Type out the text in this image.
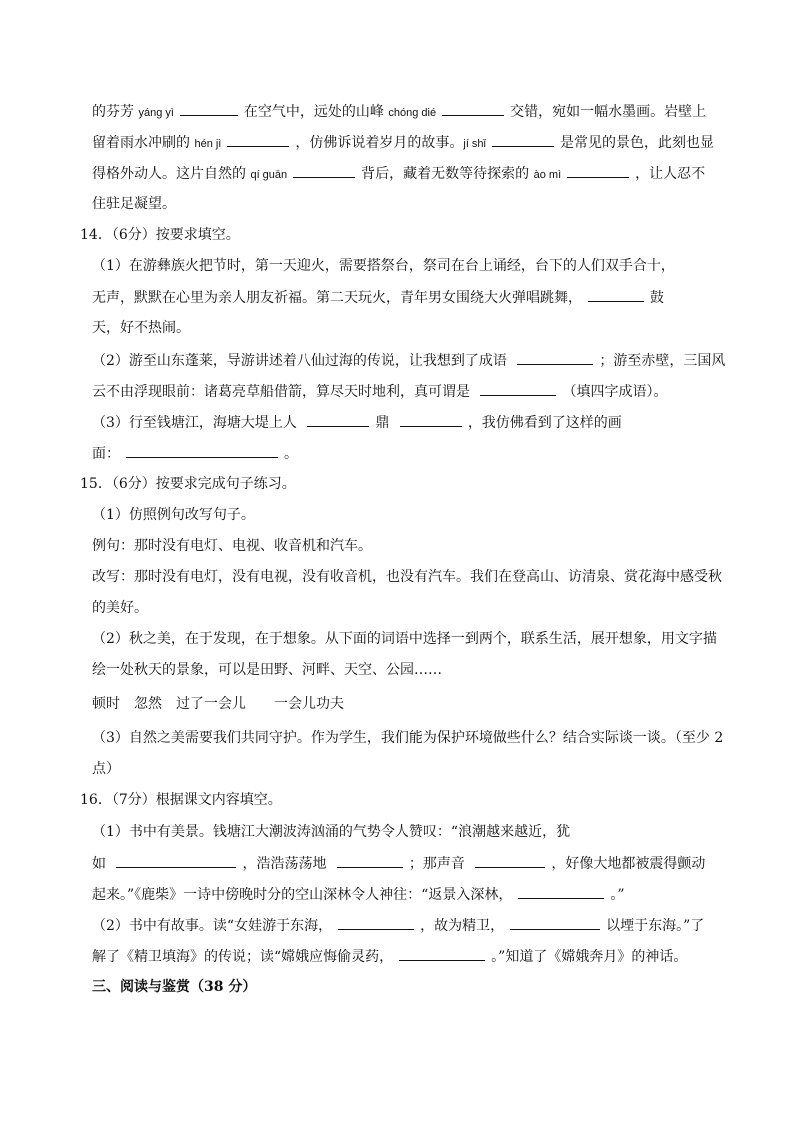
的芬芳 yáng yì	在空气中，远处的山峰 chóng dié	交错，宛如一幅水墨画。岩壁上
留着雨水冲刷的 hén jì	，仿佛诉说着岁月的故事。jí shǐ	是常见的景色，此刻也显
得格外动人。这片自然的 qí guān	背后，藏着无数等待探索的 ào mì	，让人忍不
住驻足凝望。
14．（6分）按要求填空。
（1）在游彝族火把节时，第一天迎火，需要搭祭台，祭司在台上诵经，台下的人们双手合十，
无声，默默在心里为亲人朋友祈福。第二天玩火，青年男女围绕大火弹唱跳舞，	鼓
天，好不热闹。
（2）游至山东蓬莱，导游讲述着八仙过海的传说，让我想到了成语	；游至赤壁，三国风
云不由浮现眼前：诸葛亮草船借箭，算尽天时地利，真可谓是	（填四字成语）。
（3）行至钱塘江，海塘大堤上人	鼎	，我仿佛看到了这样的画
面：	。
15．（6分）按要求完成句子练习。
（1）仿照例句改写句子。
例句：那时没有电灯、电视、收音机和汽车。
改写：那时没有电灯，没有电视，没有收音机，也没有汽车。我们在登高山、访清泉、赏花海中感受秋
的美好。
（2）秋之美，在于发现，在于想象。从下面的词语中选择一到两个，联系生活，展开想象，用文字描
绘一处秋天的景象，可以是田野、河畔、天空、公园……
顿时　忽然　过了一会儿　　一会儿功夫
（3）自然之美需要我们共同守护。作为学生，我们能为保护环境做些什么？结合实际谈一谈。（至少 2
点）
16．（7分）根据课文内容填空。
（1）书中有美景。钱塘江大潮波涛汹涌的气势令人赞叹：“浪潮越来越近，犹
如	，浩浩荡荡地	；那声音	，好像大地都被震得颤动
起来。”《鹿柴》一诗中傍晚时分的空山深林令人神往：“返景入深林，	。”
（2）书中有故事。读“女娃游于东海，	，故为精卫，	以堙于东海。”了
解了《精卫填海》的传说；读“嫦娥应悔偷灵药，	。”知道了《嫦娥奔月》的神话。
三、阅读与鉴赏（38 分）
